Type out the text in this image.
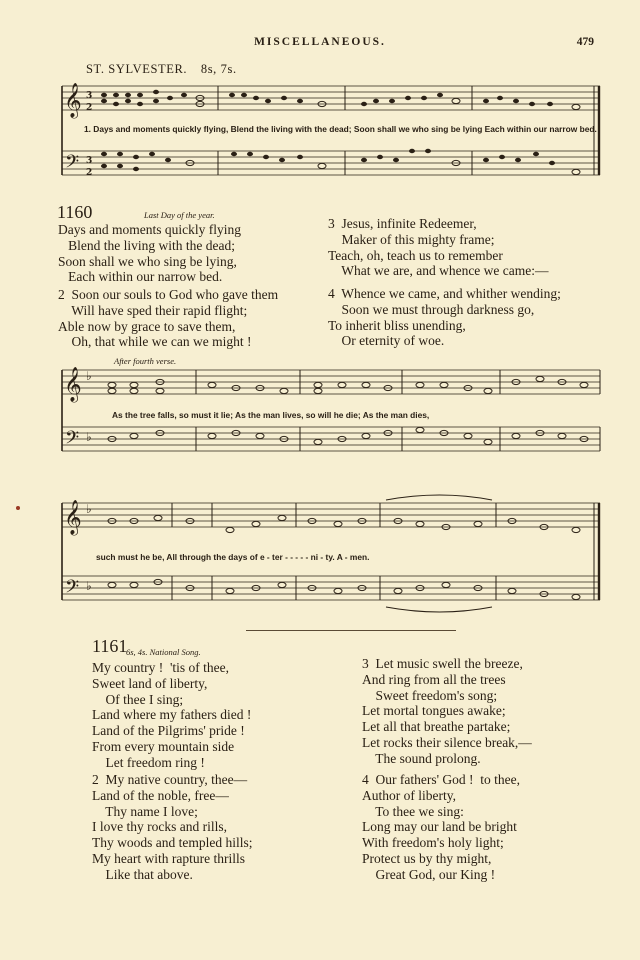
MISCELLANEOUS.	479
ST. SYLVESTER. 8s, 7s.
𝄞
𝄢
3
2
3
2
1. Days and moments quickly flying, Blend the living with the dead; Soon shall we who sing be lying Each within our narrow bed.
1160	Last Day of the year.
Days and moments quickly flying
Blend the living with the dead;
Soon shall we who sing be lying,
Each within our narrow bed.
2  Soon our souls to God who gave them
Will have sped their rapid flight;
Able now by grace to save them,
Oh, that while we can we might !
3  Jesus, infinite Redeemer,
Maker of this mighty frame;
Teach, oh, teach us to remember
What we are, and whence we came:—
4  Whence we came, and whither wending;
Soon we must through darkness go,
To inherit bliss unending,
Or eternity of woe.
After fourth verse.
𝄞
𝄢
♭
♭
As the tree falls, so must it lie; As the man lives, so will he die; As the man dies,
𝄞
𝄢
♭
♭
such must he be, All through the days of e - ter - - - - - ni - ty. A - men.
1161
6s, 4s. National Song.
My country !  'tis of thee,
Sweet land of liberty,
Of thee I sing;
Land where my fathers died !
Land of the Pilgrims' pride !
From every mountain side
Let freedom ring !
2  My native country, thee—
Land of the noble, free—
Thy name I love;
I love thy rocks and rills,
Thy woods and templed hills;
My heart with rapture thrills
Like that above.
3  Let music swell the breeze,
And ring from all the trees
Sweet freedom's song;
Let mortal tongues awake;
Let all that breathe partake;
Let rocks their silence break,—
The sound prolong.
4  Our fathers' God !  to thee,
Author of liberty,
To thee we sing:
Long may our land be bright
With freedom's holy light;
Protect us by thy might,
Great God, our King !
